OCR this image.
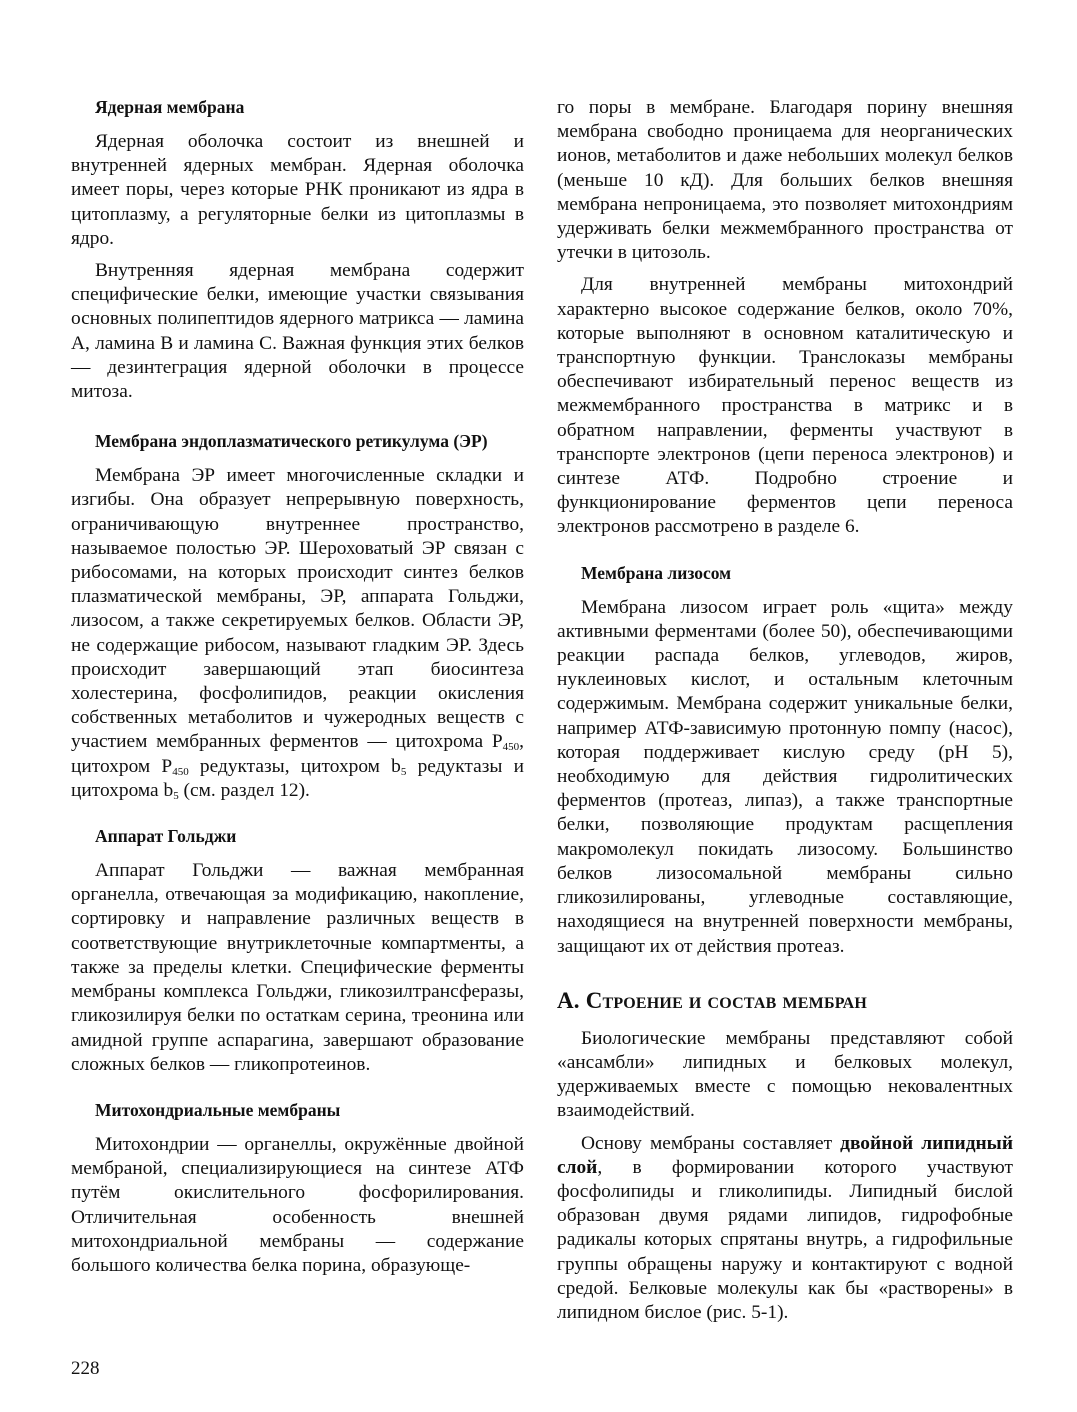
Ядерная мембрана

Ядерная оболочка состоит из внешней и внутренней ядерных мембран. Ядерная оболочка имеет поры, через которые РНК проникают из ядра в цитоплазму, а регуляторные белки из цитоплазмы в ядро.

Внутренняя ядерная мембрана содержит специфические белки, имеющие участки связывания основных полипептидов ядерного матрикса — ламина А, ламина В и ламина С. Важная функция этих белков — дезинтеграция ядерной оболочки в процессе митоза.

Мембрана эндоплазматического ретикулума (ЭР)

Мембрана ЭР имеет многочисленные складки и изгибы. Она образует непрерывную поверхность, ограничивающую внутреннее пространство, называемое полостью ЭР. Шероховатый ЭР связан с рибосомами, на которых происходит синтез белков плазматической мембраны, ЭР, аппарата Гольджи, лизосом, а также секретируемых белков. Области ЭР, не содержащие рибосом, называют гладким ЭР. Здесь происходит завершающий этап биосинтеза холестерина, фосфолипидов, реакции окисления собственных метаболитов и чужеродных веществ с участием мембранных ферментов — цитохрома $Р_{450}$, цитохром $Р_{450}$ редуктазы, цитохром $b_5$ редуктазы и цитохрома $b_5$ (см. раздел 12).

Аппарат Гольджи

Аппарат Гольджи — важная мембранная органелла, отвечающая за модификацию, накопление, сортировку и направление различных веществ в соответствующие внутриклеточные компартменты, а также за пределы клетки. Специфические ферменты мембраны комплекса Гольджи, гликозилтрансферазы, гликозилируя белки по остаткам серина, треонина или амидной группе аспарагина, завершают образование сложных белков — гликопротеинов.

Митохондриальные мембраны

Митохондрии — органеллы, окружённые двойной мембраной, специализирующиеся на синтезе АТФ путём окислительного фосфорилирования. Отличительная особенность внешней митохондриальной мембраны — содержание большого количества белка порина, образующе-

го поры в мембране. Благодаря порину внешняя мембрана свободно проницаема для неорганических ионов, метаболитов и даже небольших молекул белков (меньше 10 кД). Для больших белков внешняя мембрана непроницаема, это позволяет митохондриям удерживать белки межмембранного пространства от утечки в цитозоль.

Для внутренней мембраны митохондрий характерно высокое содержание белков, около 70%, которые выполняют в основном каталитическую и транспортную функции. Транслоказы мембраны обеспечивают избирательный перенос веществ из межмембранного пространства в матрикс и в обратном направлении, ферменты участвуют в транспорте электронов (цепи переноса электронов) и синтезе АТФ. Подробно строение и функционирование ферментов цепи переноса электронов рассмотрено в разделе 6.

Мембрана лизосом

Мембрана лизосом играет роль «щита» между активными ферментами (более 50), обеспечивающими реакции распада белков, углеводов, жиров, нуклеиновых кислот, и остальным клеточным содержимым. Мембрана содержит уникальные белки, например АТФ-зависимую протонную помпу (насос), которая поддерживает кислую среду (рН 5), необходимую для действия гидролитических ферментов (протеаз, липаз), а также транспортные белки, позволяющие продуктам расщепления макромолекул покидать лизосому. Большинство белков лизосомальной мембраны сильно гликозилированы, углеводные составляющие, находящиеся на внутренней поверхности мембраны, защищают их от действия протеаз.

А. Строение и состав мембран

Биологические мембраны представляют собой «ансамбли» липидных и белковых молекул, удерживаемых вместе с помощью нековалентных взаимодействий.

Основу мембраны составляет двойной липидный слой, в формировании которого участвуют фосфолипиды и гликолипиды. Липидный бислой образован двумя рядами липидов, гидрофобные радикалы которых спрятаны внутрь, а гидрофильные группы обращены наружу и контактируют с водной средой. Белковые молекулы как бы «растворены» в липидном бислое (рис. 5-1).

228
